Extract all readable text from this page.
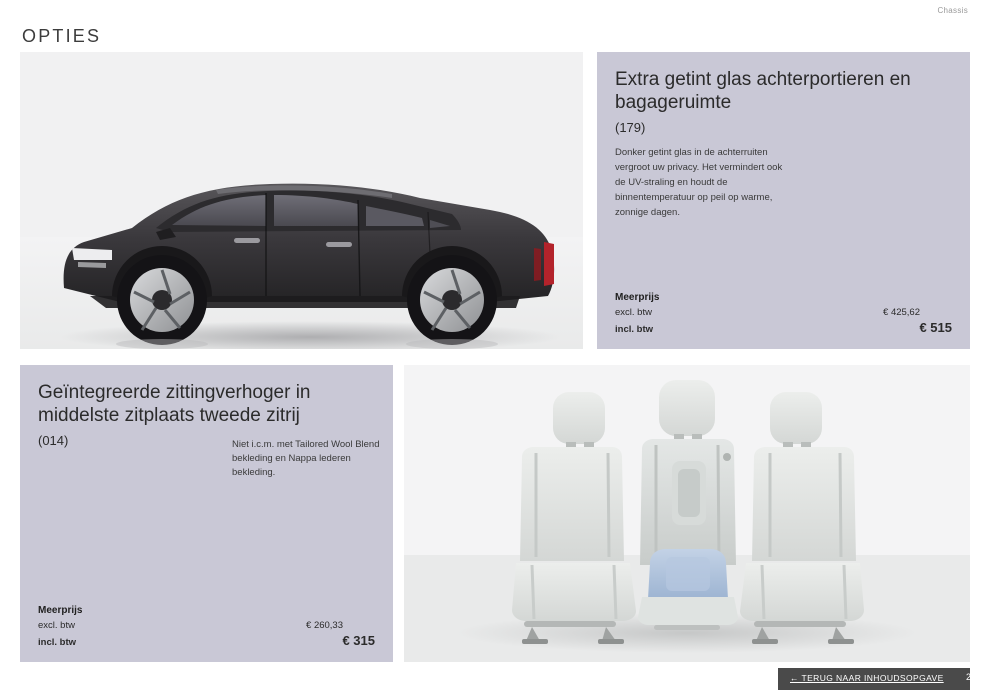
Chassis
OPTIES
Extra getint glas achterportieren en bagageruimte
(179)

Donker getint glas in de achterruiten vergroot uw privacy. Het vermindert ook de UV-straling en houdt de binnentemperatuur op peil op warme, zonnige dagen.

Meerprijs
excl. btw	€ 425,62
incl. btw	€ 515
Geïntegreerde zittingverhoger in middelste zitplaats tweede zitrij
(014)	Niet i.c.m. met Tailored Wool Blend bekleding en Nappa lederen bekleding.
Meerprijs
excl. btw	€ 260,33
incl. btw	€ 315
← TERUG NAAR INHOUDSOPGAVE 20
